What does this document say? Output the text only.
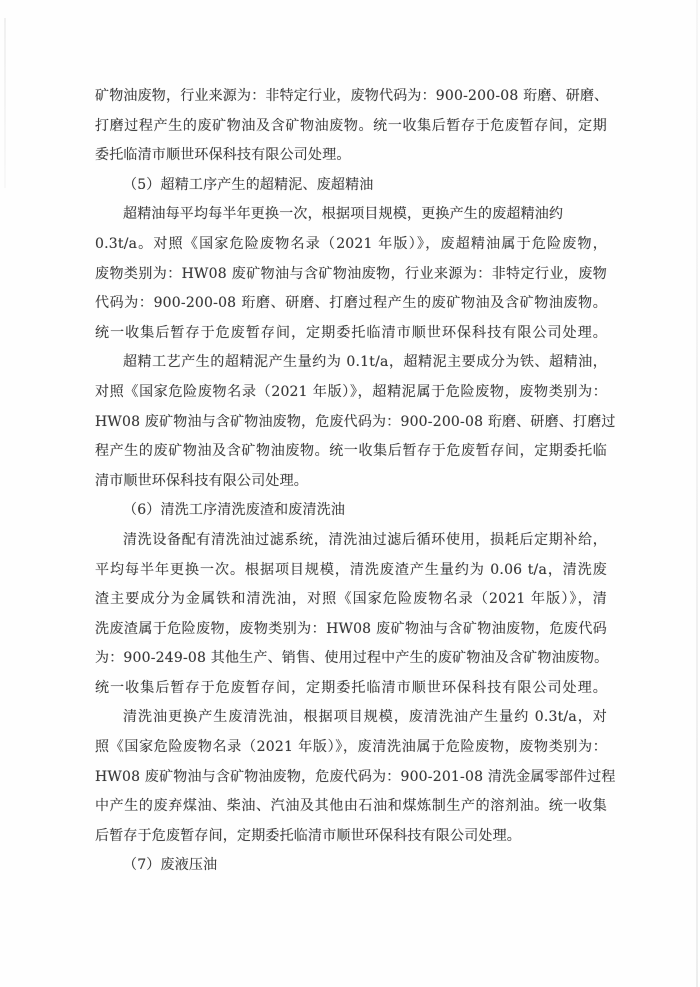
矿物油废物，行业来源为：非特定行业，废物代码为：900-200-08 珩磨、研磨、
打磨过程产生的废矿物油及含矿物油废物。统一收集后暂存于危废暂存间，定期
委托临清市顺世环保科技有限公司处理。
（5）超精工序产生的超精泥、废超精油
超精油每平均每半年更换一次，根据项目规模，更换产生的废超精油约
0.3t/a。对照《国家危险废物名录（2021 年版）》，废超精油属于危险废物，
废物类别为：HW08 废矿物油与含矿物油废物，行业来源为：非特定行业，废物
代码为：900-200-08 珩磨、研磨、打磨过程产生的废矿物油及含矿物油废物。
统一收集后暂存于危废暂存间，定期委托临清市顺世环保科技有限公司处理。
超精工艺产生的超精泥产生量约为 0.1t/a，超精泥主要成分为铁、超精油，
对照《国家危险废物名录（2021 年版）》，超精泥属于危险废物，废物类别为：
HW08 废矿物油与含矿物油废物，危废代码为：900-200-08 珩磨、研磨、打磨过
程产生的废矿物油及含矿物油废物。统一收集后暂存于危废暂存间，定期委托临
清市顺世环保科技有限公司处理。
（6）清洗工序清洗废渣和废清洗油
清洗设备配有清洗油过滤系统，清洗油过滤后循环使用，损耗后定期补给，
平均每半年更换一次。根据项目规模，清洗废渣产生量约为 0.06 t/a，清洗废
渣主要成分为金属铁和清洗油，对照《国家危险废物名录（2021 年版）》，清
洗废渣属于危险废物，废物类别为：HW08 废矿物油与含矿物油废物，危废代码
为：900-249-08 其他生产、销售、使用过程中产生的废矿物油及含矿物油废物。
统一收集后暂存于危废暂存间，定期委托临清市顺世环保科技有限公司处理。
清洗油更换产生废清洗油，根据项目规模，废清洗油产生量约 0.3t/a，对
照《国家危险废物名录（2021 年版）》，废清洗油属于危险废物，废物类别为：
HW08 废矿物油与含矿物油废物，危废代码为：900-201-08 清洗金属零部件过程
中产生的废弃煤油、柴油、汽油及其他由石油和煤炼制生产的溶剂油。统一收集
后暂存于危废暂存间，定期委托临清市顺世环保科技有限公司处理。
（7）废液压油
